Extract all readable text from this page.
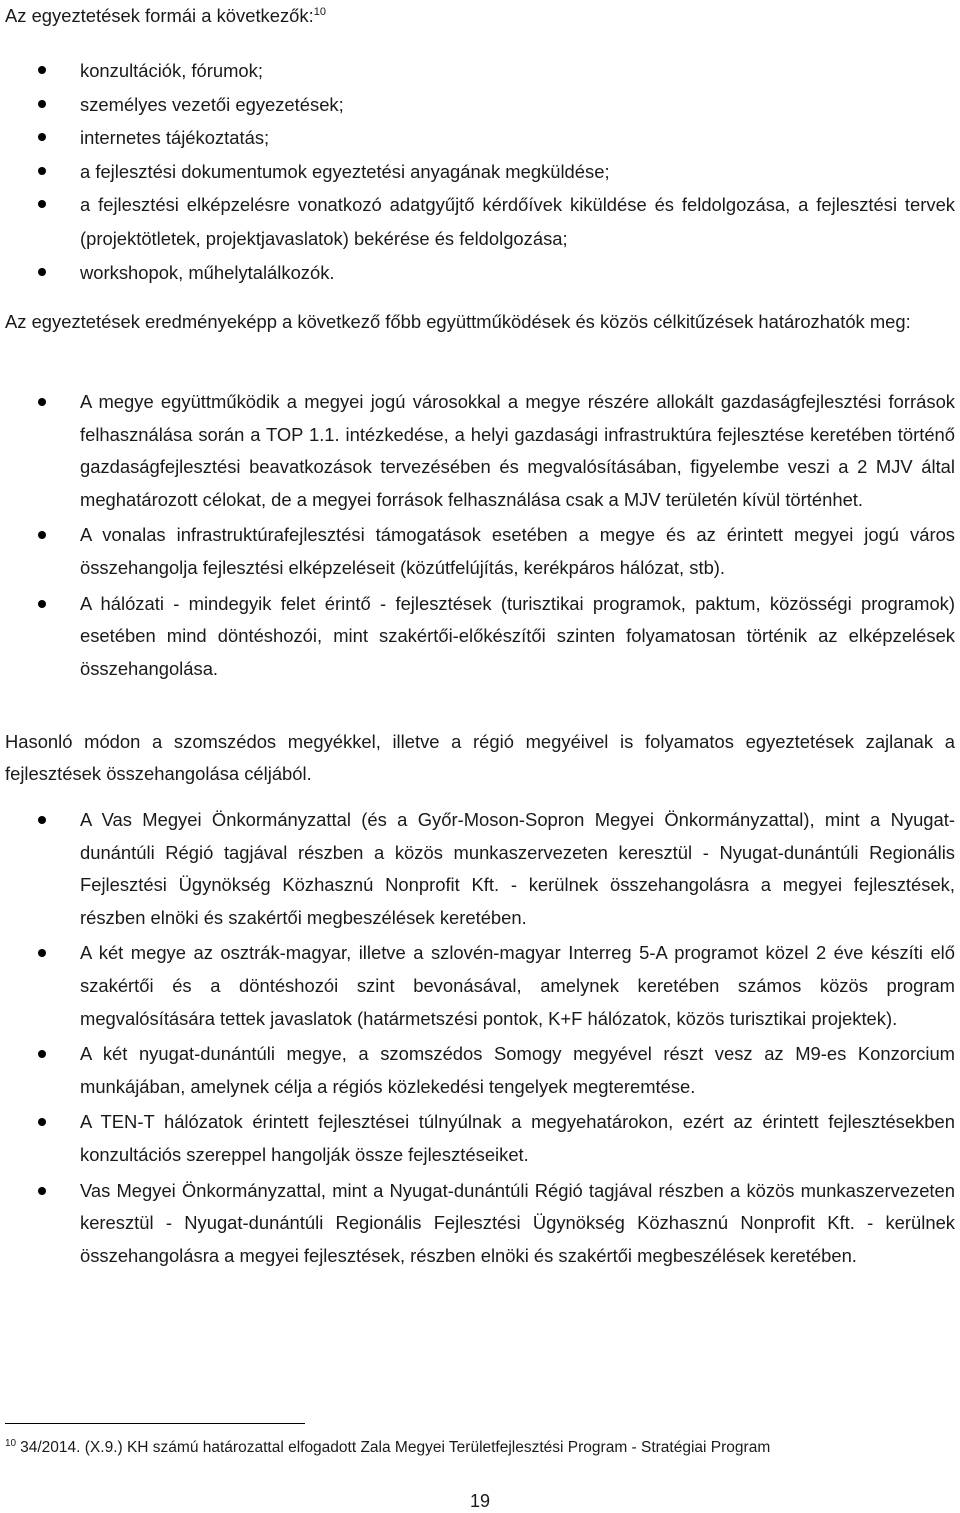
Az egyeztetések formái a következők:$^{10}$

konzultációk, fórumok;
személyes vezetői egyezetések;
internetes tájékoztatás;
a fejlesztési dokumentumok egyeztetési anyagának megküldése;
a fejlesztési elképzelésre vonatkozó adatgyűjtő kérdőívek kiküldése és feldolgozása, a fejlesztési tervek (projektötletek, projektjavaslatok) bekérése és feldolgozása;
workshopok, műhelytalálkozók.

Az egyeztetések eredményeképp a következő főbb együttműködések és közös célkitűzések határozhatók meg:

A megye együttműködik a megyei jogú városokkal a megye részére allokált gazdaságfejlesztési források felhasználása során a TOP 1.1. intézkedése, a helyi gazdasági infrastruktúra fejlesztése keretében történő gazdaságfejlesztési beavatkozások tervezésében és megvalósításában, figyelembe veszi a 2 MJV által meghatározott célokat, de a megyei források felhasználása csak a MJV területén kívül történhet.
A vonalas infrastruktúrafejlesztési támogatások esetében a megye és az érintett megyei jogú város összehangolja fejlesztési elképzeléseit (közútfelújítás, kerékpáros hálózat, stb).
A hálózati - mindegyik felet érintő - fejlesztések (turisztikai programok, paktum, közösségi programok) esetében mind döntéshozói, mint szakértői-előkészítői szinten folyamatosan történik az elképzelések összehangolása.

Hasonló módon a szomszédos megyékkel, illetve a régió megyéivel is folyamatos egyeztetések zajlanak a fejlesztések összehangolása céljából.

A Vas Megyei Önkormányzattal (és a Győr-Moson-Sopron Megyei Önkormányzattal), mint a Nyugat-dunántúli Régió tagjával részben a közös munkaszervezeten keresztül - Nyugat-dunántúli Regionális Fejlesztési Ügynökség Közhasznú Nonprofit Kft. - kerülnek összehangolásra a megyei fejlesztések, részben elnöki és szakértői megbeszélések keretében.
A két megye az osztrák-magyar, illetve a szlovén-magyar Interreg 5-A programot közel 2 éve készíti elő szakértői és a döntéshozói szint bevonásával, amelynek keretében számos közös program megvalósítására tettek javaslatok (határmetszési pontok, K+F hálózatok, közös turisztikai projektek).
A két nyugat-dunántúli megye, a szomszédos Somogy megyével részt vesz az M9-es Konzorcium munkájában, amelynek célja a régiós közlekedési tengelyek megteremtése.
A TEN-T hálózatok érintett fejlesztései túlnyúlnak a megyehatárokon, ezért az érintett fejlesztésekben konzultációs szereppel hangolják össze fejlesztéseiket.
Vas Megyei Önkormányzattal, mint a Nyugat-dunántúli Régió tagjával részben a közös munkaszervezeten keresztül - Nyugat-dunántúli Regionális Fejlesztési Ügynökség Közhasznú Nonprofit Kft. - kerülnek összehangolásra a megyei fejlesztések, részben elnöki és szakértői megbeszélések keretében.
$^{10}$ 34/2014. (X.9.) KH számú határozattal elfogadott Zala Megyei Területfejlesztési Program - Stratégiai Program
19
